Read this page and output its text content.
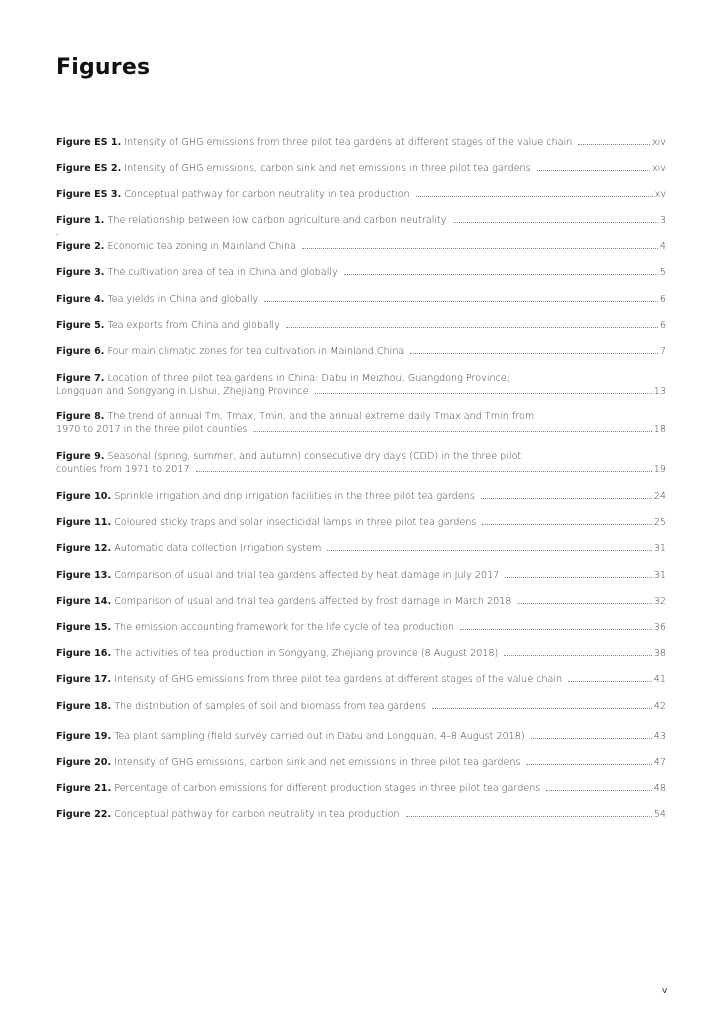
Figures
Figure ES 1. Intensity of GHG emissions from three pilot tea gardens at different stages of the value chain	xiv
Figure ES 2. Intensity of GHG emissions, carbon sink and net emissions in three pilot tea gardens	xiv
Figure ES 3. Conceptual pathway for carbon neutrality in tea production	xv
Figure 1. The relationship between low carbon agriculture and carbon neutrality	3
Figure 2. Economic tea zoning in Mainland China	4
Figure 3. The cultivation area of tea in China and globally	5
Figure 4. Tea yields in China and globally	6
Figure 5. Tea exports from China and globally	6
Figure 6. Four main climatic zones for tea cultivation in Mainland China	7
Figure 7. Location of three pilot tea gardens in China: Dabu in Meizhou, Guangdong Province;
Longquan and Songyang in Lishui, Zhejiang Province	13
Figure 8. The trend of annual Tm, Tmax, Tmin, and the annual extreme daily Tmax and Tmin from
1970 to 2017 in the three pilot counties	18
Figure 9. Seasonal (spring, summer, and autumn) consecutive dry days (CDD) in the three pilot
counties from 1971 to 2017	19
Figure 10. Sprinkle irrigation and drip irrigation facilities in the three pilot tea gardens	24
Figure 11. Coloured sticky traps and solar insecticidal lamps in three pilot tea gardens	25
Figure 12. Automatic data collection Irrigation system	31
Figure 13. Comparison of usual and trial tea gardens affected by heat damage in July 2017	31
Figure 14. Comparison of usual and trial tea gardens affected by frost damage in March 2018	32
Figure 15. The emission accounting framework for the life cycle of tea production	36
Figure 16. The activities of tea production in Songyang, Zhejiang province (8 August 2018)	38
Figure 17. Intensity of GHG emissions from three pilot tea gardens at different stages of the value chain	41
Figure 18. The distribution of samples of soil and biomass from tea gardens	42
Figure 19. Tea plant sampling (field survey carried out in Dabu and Longquan, 4–8 August 2018)	43
Figure 20. Intensity of GHG emissions, carbon sink and net emissions in three pilot tea gardens	47
Figure 21. Percentage of carbon emissions for different production stages in three pilot tea gardens	48
Figure 22. Conceptual pathway for carbon neutrality in tea production	54
.
v
